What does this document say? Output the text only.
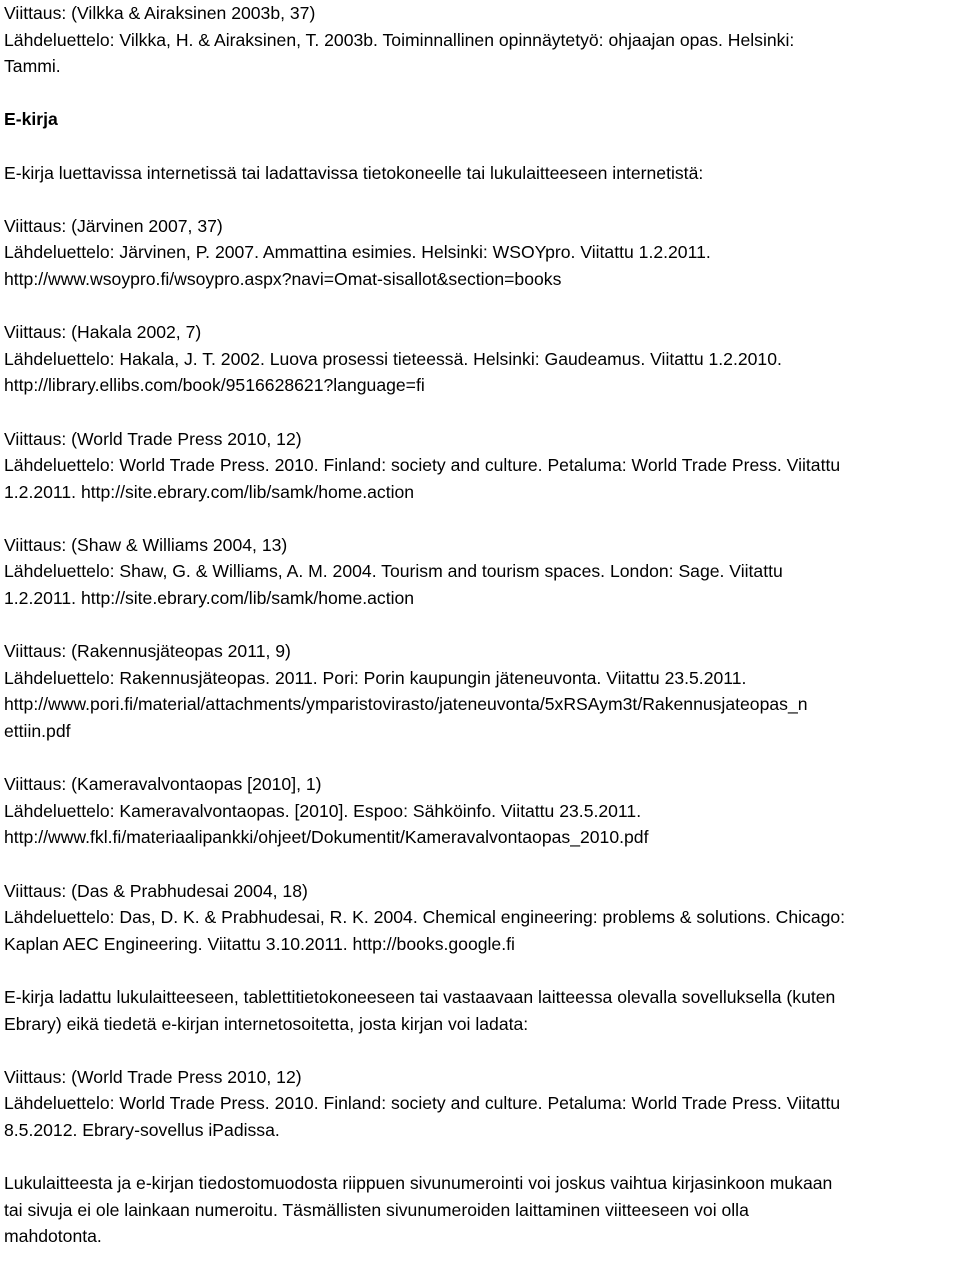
Viittaus: (Vilkka & Airaksinen 2003b, 37)
Lähdeluettelo: Vilkka, H. & Airaksinen, T. 2003b. Toiminnallinen opinnäytetyö: ohjaajan opas. Helsinki:
Tammi.
E-kirja
E-kirja luettavissa internetissä tai ladattavissa tietokoneelle tai lukulaitteeseen internetistä:
Viittaus: (Järvinen 2007, 37)
Lähdeluettelo: Järvinen, P. 2007. Ammattina esimies. Helsinki: WSOYpro. Viitattu 1.2.2011.
http://www.wsoypro.fi/wsoypro.aspx?navi=Omat-sisallot&section=books
Viittaus: (Hakala 2002, 7)
Lähdeluettelo: Hakala, J. T. 2002. Luova prosessi tieteessä. Helsinki: Gaudeamus. Viitattu 1.2.2010.
http://library.ellibs.com/book/9516628621?language=fi
Viittaus: (World Trade Press 2010, 12)
Lähdeluettelo: World Trade Press. 2010. Finland: society and culture. Petaluma: World Trade Press. Viitattu
1.2.2011. http://site.ebrary.com/lib/samk/home.action
Viittaus: (Shaw & Williams 2004, 13)
Lähdeluettelo: Shaw, G. & Williams, A. M. 2004. Tourism and tourism spaces. London: Sage. Viitattu
1.2.2011. http://site.ebrary.com/lib/samk/home.action
Viittaus: (Rakennusjäteopas 2011, 9)
Lähdeluettelo: Rakennusjäteopas. 2011. Pori: Porin kaupungin jäteneuvonta. Viitattu 23.5.2011.
http://www.pori.fi/material/attachments/ymparistovirasto/jateneuvonta/5xRSAym3t/Rakennusjateopas_n
ettiin.pdf
Viittaus: (Kameravalvontaopas [2010], 1)
Lähdeluettelo: Kameravalvontaopas. [2010]. Espoo: Sähköinfo. Viitattu 23.5.2011.
http://www.fkl.fi/materiaalipankki/ohjeet/Dokumentit/Kameravalvontaopas_2010.pdf
Viittaus: (Das & Prabhudesai 2004, 18)
Lähdeluettelo: Das, D. K. & Prabhudesai, R. K. 2004. Chemical engineering: problems & solutions. Chicago:
Kaplan AEC Engineering. Viitattu 3.10.2011. http://books.google.fi
E-kirja ladattu lukulaitteeseen, tablettitietokoneeseen tai vastaavaan laitteessa olevalla sovelluksella (kuten
Ebrary) eikä tiedetä e-kirjan internetosoitetta, josta kirjan voi ladata:
Viittaus: (World Trade Press 2010, 12)
Lähdeluettelo: World Trade Press. 2010. Finland: society and culture. Petaluma: World Trade Press. Viitattu
8.5.2012. Ebrary-sovellus iPadissa.
Lukulaitteesta ja e-kirjan tiedostomuodosta riippuen sivunumerointi voi joskus vaihtua kirjasinkoon mukaan
tai sivuja ei ole lainkaan numeroitu. Täsmällisten sivunumeroiden laittaminen viitteeseen voi olla
mahdotonta.
